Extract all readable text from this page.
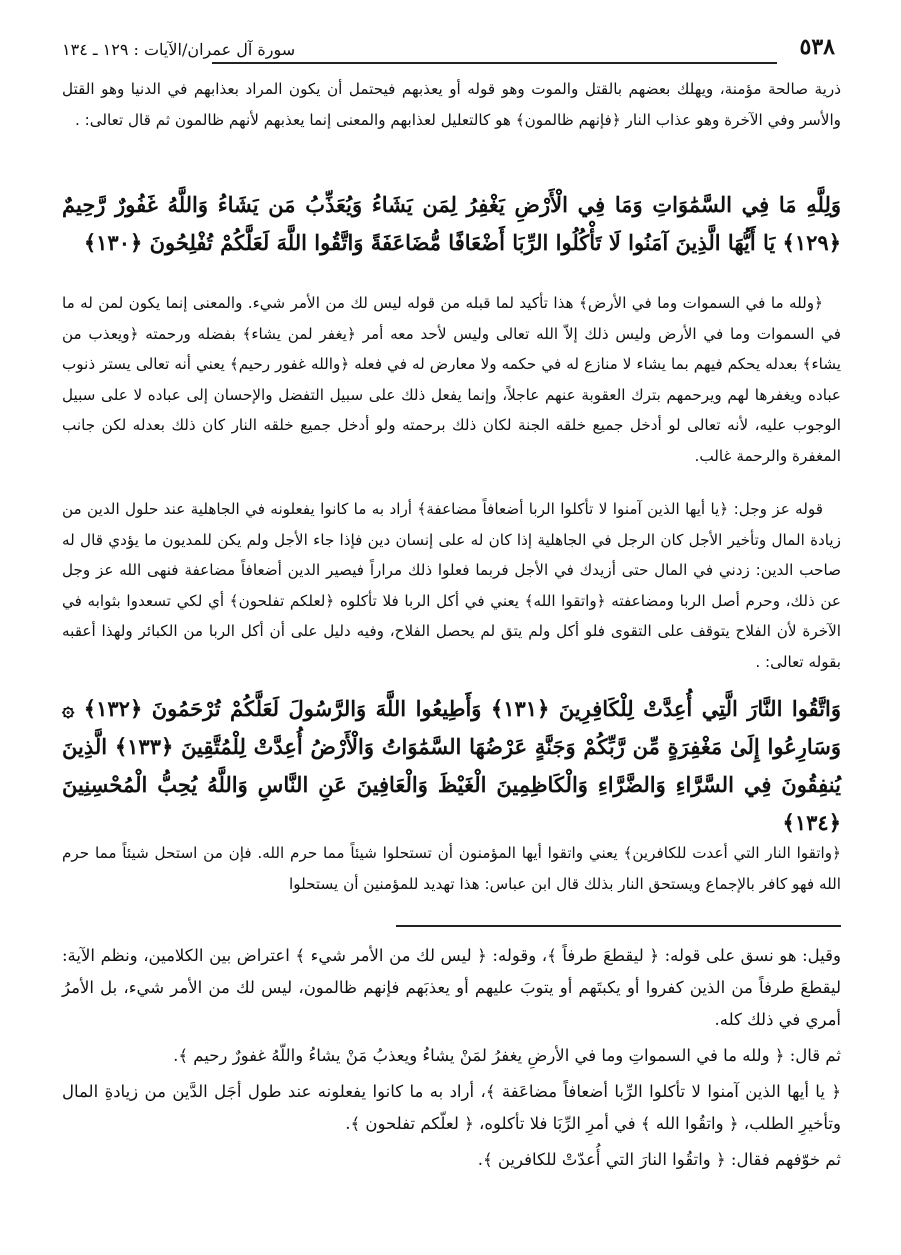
٥٣٨
سورة آل عمران/الآيات : ١٢٩ ـ ١٣٤

ذرية صالحة مؤمنة، ويهلك بعضهم بالقتل والموت وهو قوله أو يعذبهم فيحتمل أن يكون المراد بعذابهم في الدنيا وهو القتل والأسر وفي الآخرة وهو عذاب النار ﴿فإنهم ظالمون﴾ هو كالتعليل لعذابهم والمعنى إنما يعذبهم لأنهم ظالمون ثم قال تعالى: .

وَلِلَّهِ مَا فِي السَّمَٰوَاتِ وَمَا فِي الْأَرْضِ يَغْفِرُ لِمَن يَشَاءُ وَيُعَذِّبُ مَن يَشَاءُ وَاللَّهُ غَفُورٌ رَّحِيمٌ ﴿١٢٩﴾ يَا أَيُّهَا الَّذِينَ آمَنُوا لَا تَأْكُلُوا الرِّبَا أَضْعَافًا مُّضَاعَفَةً وَاتَّقُوا اللَّهَ لَعَلَّكُمْ تُفْلِحُونَ ﴿١٣٠﴾

﴿ولله ما في السموات وما في الأرض﴾ هذا تأكيد لما قبله من قوله ليس لك من الأمر شيء. والمعنى إنما يكون لمن له ما في السموات وما في الأرض وليس ذلك إلاّ الله تعالى وليس لأحد معه أمر ﴿يغفر لمن يشاء﴾ بفضله ورحمته ﴿ويعذب من يشاء﴾ بعدله يحكم فيهم بما يشاء لا منازع له في حكمه ولا معارض له في فعله ﴿والله غفور رحيم﴾ يعني أنه تعالى يستر ذنوب عباده ويغفرها لهم ويرحمهم بترك العقوبة عنهم عاجلاً، وإنما يفعل ذلك على سبيل التفضل والإحسان إلى عباده لا على سبيل الوجوب عليه، لأنه تعالى لو أدخل جميع خلقه الجنة لكان ذلك برحمته ولو أدخل جميع خلقه النار كان ذلك بعدله لكن جانب المغفرة والرحمة غالب.

قوله عز وجل: ﴿يا أيها الذين آمنوا لا تأكلوا الربا أضعافاً مضاعفة﴾ أراد به ما كانوا يفعلونه في الجاهلية عند حلول الدين من زيادة المال وتأخير الأجل كان الرجل في الجاهلية إذا كان له على إنسان دين فإذا جاء الأجل ولم يكن للمديون ما يؤدي قال له صاحب الدين: زدني في المال حتى أزيدك في الأجل فربما فعلوا ذلك مراراً فيصير الدين أضعافاً مضاعفة فنهى الله عز وجل عن ذلك، وحرم أصل الربا ومضاعفته ﴿واتقوا الله﴾ يعني في أكل الربا فلا تأكلوه ﴿لعلكم تفلحون﴾ أي لكي تسعدوا بثوابه في الآخرة لأن الفلاح يتوقف على التقوى فلو أكل ولم يتق لم يحصل الفلاح، وفيه دليل على أن أكل الربا من الكبائر ولهذا أعقبه بقوله تعالى: .

وَاتَّقُوا النَّارَ الَّتِي أُعِدَّتْ لِلْكَافِرِينَ ﴿١٣١﴾ وَأَطِيعُوا اللَّهَ وَالرَّسُولَ لَعَلَّكُمْ تُرْحَمُونَ ﴿١٣٢﴾ ۞ وَسَارِعُوا إِلَىٰ مَغْفِرَةٍ مِّن رَّبِّكُمْ وَجَنَّةٍ عَرْضُهَا السَّمَٰوَاتُ وَالْأَرْضُ أُعِدَّتْ لِلْمُتَّقِينَ ﴿١٣٣﴾ الَّذِينَ يُنفِقُونَ فِي السَّرَّاءِ وَالضَّرَّاءِ وَالْكَاظِمِينَ الْغَيْظَ وَالْعَافِينَ عَنِ النَّاسِ وَاللَّهُ يُحِبُّ الْمُحْسِنِينَ ﴿١٣٤﴾

﴿واتقوا النار التي أعدت للكافرين﴾ يعني واتقوا أيها المؤمنون أن تستحلوا شيئاً مما حرم الله. فإن من استحل شيئاً مما حرم الله فهو كافر بالإجماع ويستحق النار بذلك قال ابن عباس: هذا تهديد للمؤمنين أن يستحلوا

وقيل: هو نسق على قوله: ﴿ ليقطعَ طرفاً ﴾، وقوله: ﴿ ليس لك من الأمر شيء ﴾ اعتراض بين الكلامين، ونظم الآية: ليقطعَ طرفاً من الذين كفروا أو يكبتَهم أو يتوبَ عليهم أو يعذبَهم فإنهم ظالمون، ليس لك من الأمر شيء، بل الأمرُ أمري في ذلك كله.

ثم قال: ﴿ ولله ما في السمواتِ وما في الأرضِ يغفرُ لمَنْ يشاءُ ويعذبُ مَنْ يشاءُ واللّهُ غفورٌ رحيم ﴾.

﴿ يا أيها الذين آمنوا لا تأكلوا الرِّبا أضعافاً مضاعَفة ﴾، أراد به ما كانوا يفعلونه عند طول أجَل الدَّين من زيادةِ المال وتأخيرِ الطلب، ﴿ واتقُوا الله ﴾ في أمرِ الرِّبَا فلا تأكلوه، ﴿ لعلّكم تفلحون ﴾.

ثم خوّفهم فقال: ﴿ واتقُوا النارَ التي أُعدّتْ للكافرين ﴾.
